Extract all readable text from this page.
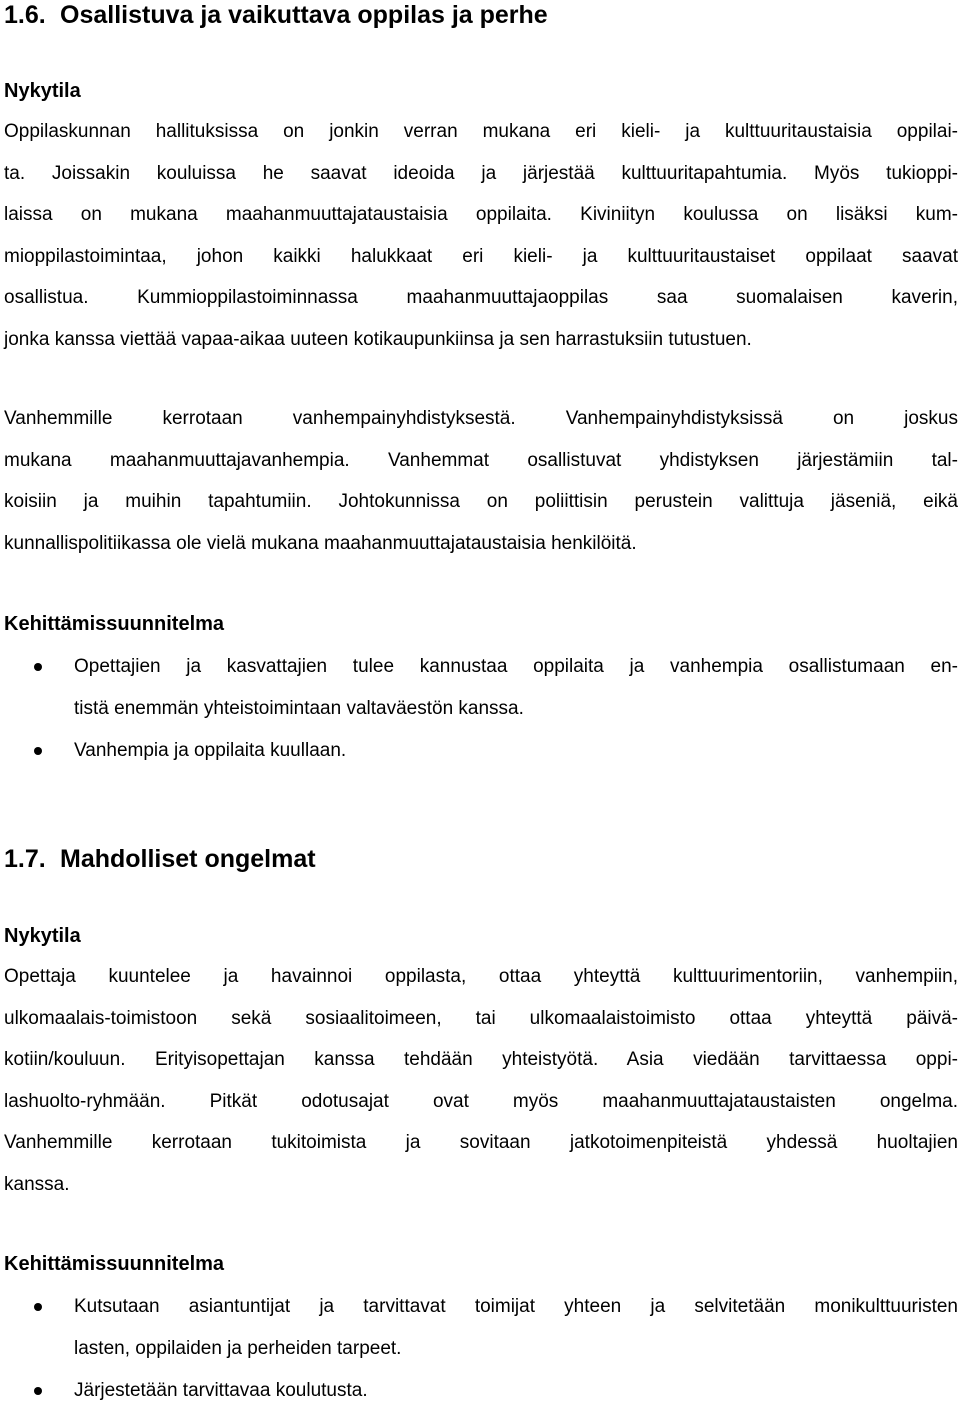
1.6. Osallistuva ja vaikuttava oppilas ja perhe
Nykytila
Oppilaskunnan hallituksissa on jonkin verran mukana eri kieli- ja kulttuuritaustaisia oppilai-
ta. Joissakin kouluissa he saavat ideoida ja järjestää kulttuuritapahtumia. Myös tukioppi-
laissa on mukana maahanmuuttajataustaisia oppilaita. Kiviniityn koulussa on lisäksi kum-
mioppilastoimintaa, johon kaikki halukkaat eri kieli- ja kulttuuritaustaiset oppilaat saavat
osallistua. Kummioppilastoiminnassa maahanmuuttajaoppilas saa suomalaisen kaverin,
jonka kanssa viettää vapaa-aikaa uuteen kotikaupunkiinsa ja sen harrastuksiin tutustuen.
Vanhemmille kerrotaan vanhempainyhdistyksestä. Vanhempainyhdistyksissä on joskus
mukana maahanmuuttajavanhempia. Vanhemmat osallistuvat yhdistyksen järjestämiin tal-
koisiin ja muihin tapahtumiin. Johtokunnissa on poliittisin perustein valittuja jäseniä, eikä
kunnallispolitiikassa ole vielä mukana maahanmuuttajataustaisia henkilöitä.
Kehittämissuunnitelma
Opettajien ja kasvattajien tulee kannustaa oppilaita ja vanhempia osallistumaan en-
tistä enemmän yhteistoimintaan valtaväestön kanssa.
Vanhempia ja oppilaita kuullaan.
1.7. Mahdolliset ongelmat
Nykytila
Opettaja kuuntelee ja havainnoi oppilasta, ottaa yhteyttä kulttuurimentoriin, vanhempiin,
ulkomaalais-toimistoon sekä sosiaalitoimeen, tai ulkomaalaistoimisto ottaa yhteyttä päivä-
kotiin/kouluun. Erityisopettajan kanssa tehdään yhteistyötä. Asia viedään tarvittaessa oppi-
lashuolto-ryhmään. Pitkät odotusajat ovat myös maahanmuuttajataustaisten ongelma.
Vanhemmille kerrotaan tukitoimista ja sovitaan jatkotoimenpiteistä yhdessä huoltajien
kanssa.
Kehittämissuunnitelma
Kutsutaan asiantuntijat ja tarvittavat toimijat yhteen ja selvitetään monikulttuuristen
lasten, oppilaiden ja perheiden tarpeet.
Järjestetään tarvittavaa koulutusta.
